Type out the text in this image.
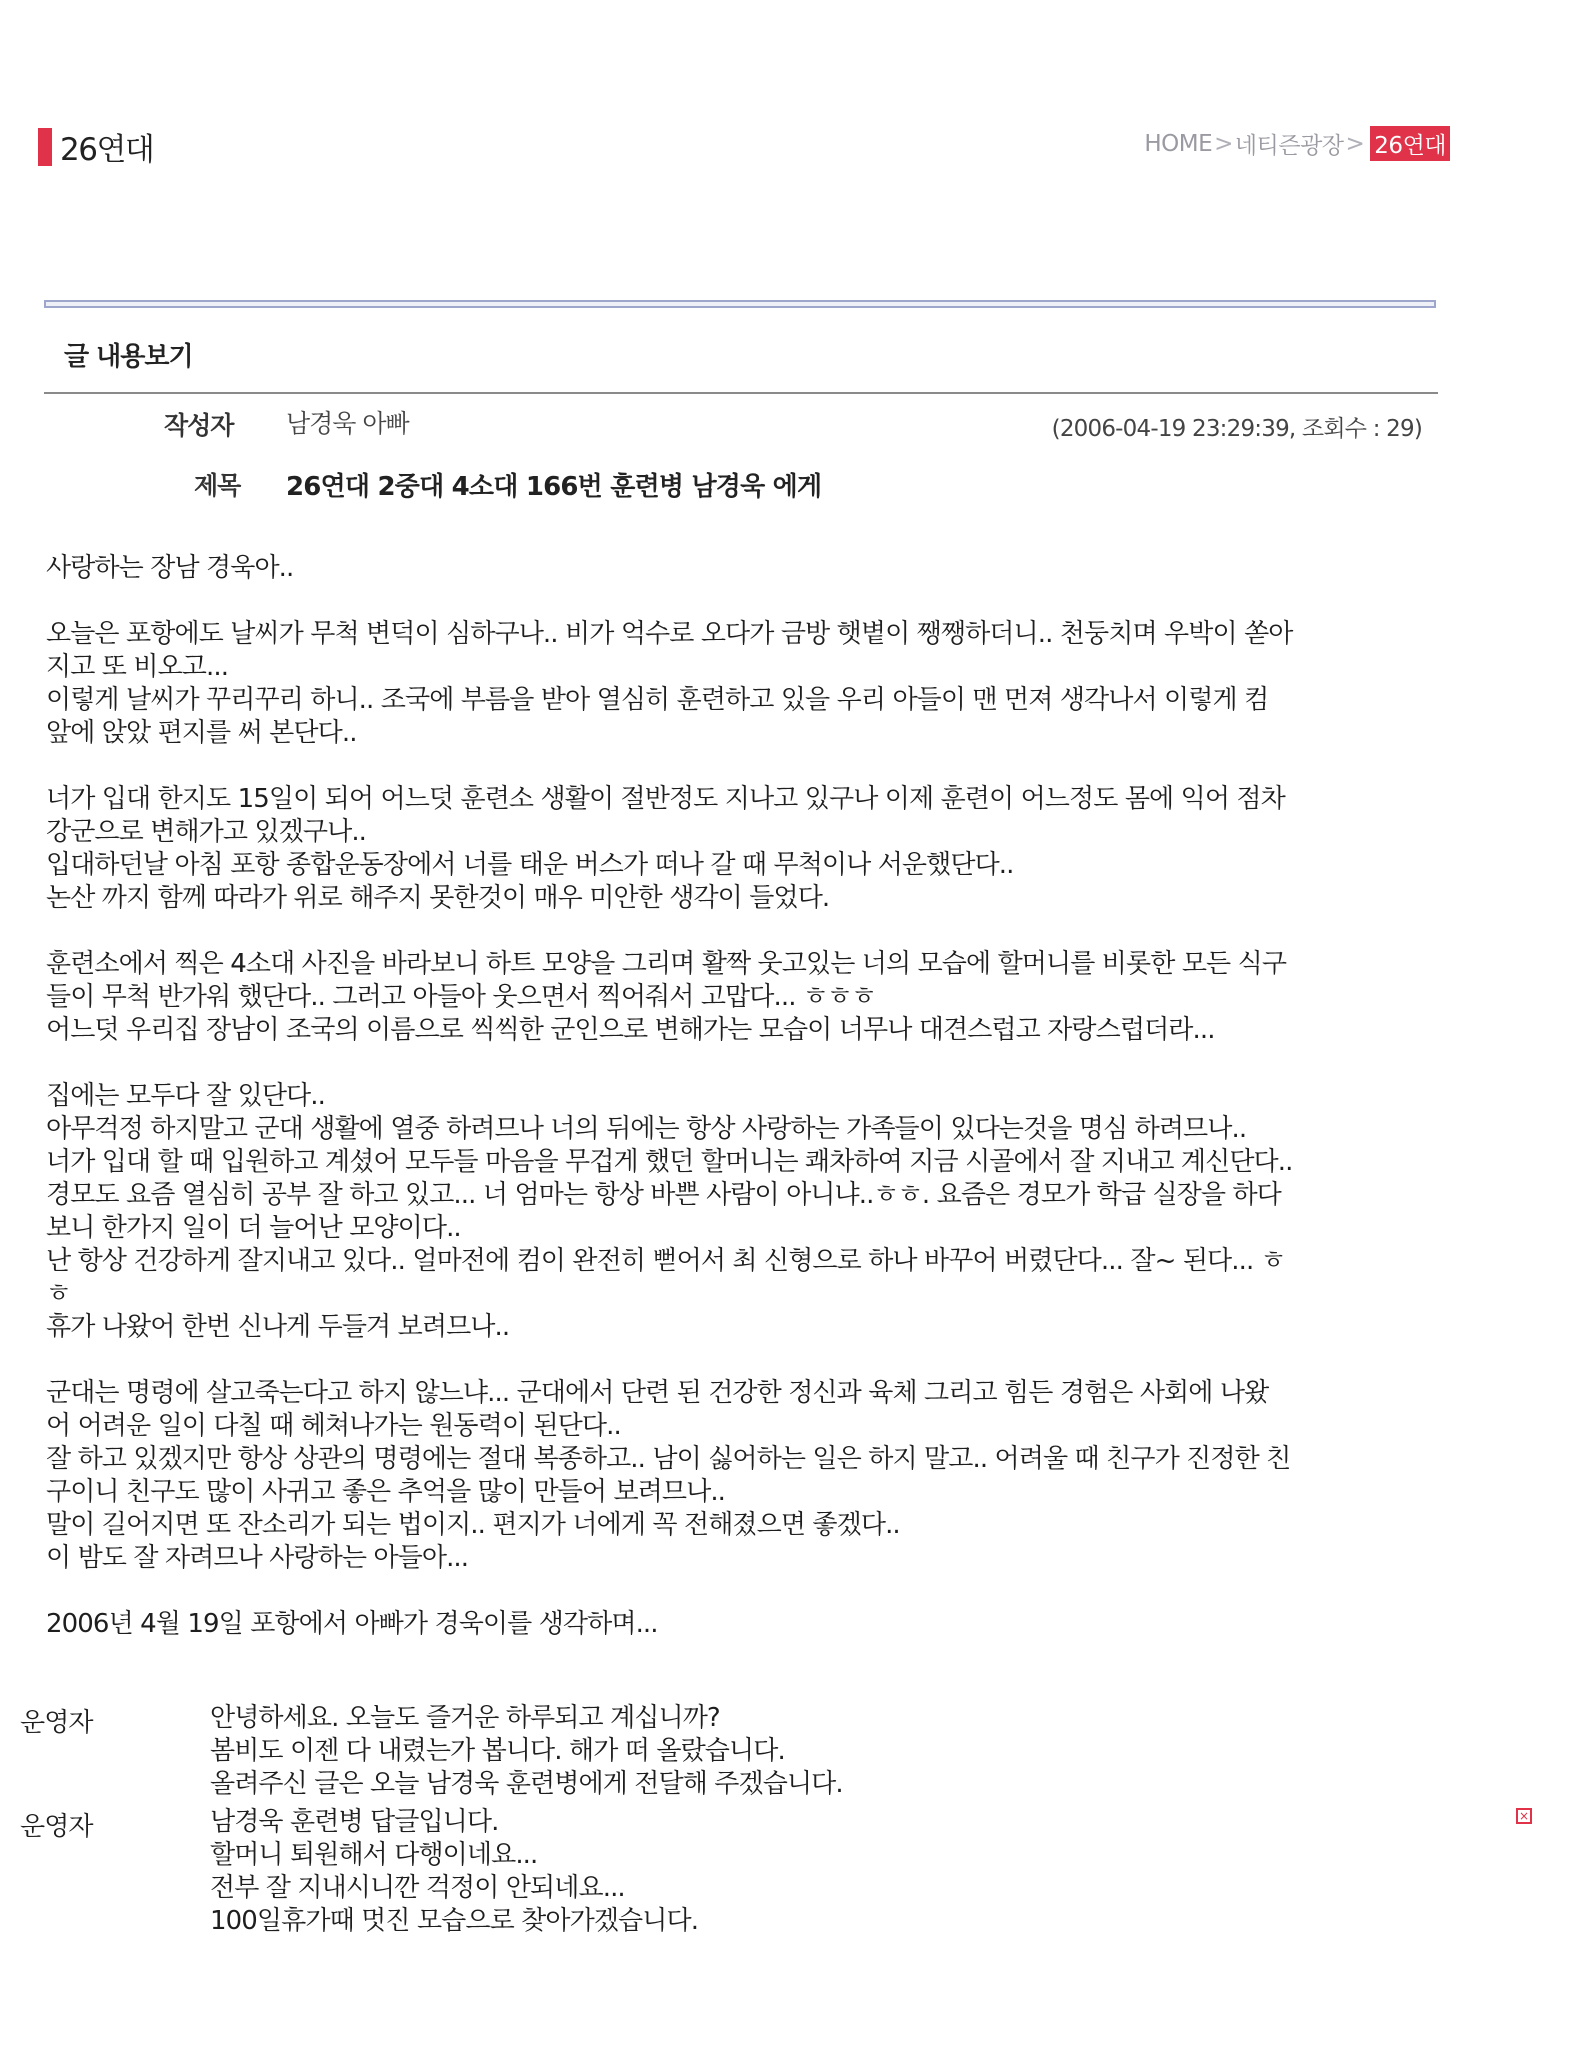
26연대	HOME > 네티즌광장 > 26연대
글 내용보기
작성자 남경욱 아빠	(2006-04-19 23:29:39, 조회수 : 29)
제목 26연대 2중대 4소대 166번 훈련병 남경욱 에게
사랑하는 장남 경욱아..
오늘은 포항에도 날씨가 무척 변덕이 심하구나.. 비가 억수로 오다가 금방 햇볕이 쨍쨍하더니.. 천둥치며 우박이 쏟아
지고 또 비오고...
이렇게 날씨가 꾸리꾸리 하니.. 조국에 부름을 받아 열심히 훈련하고 있을 우리 아들이 맨 먼져 생각나서 이렇게 컴
앞에 앉았 편지를 써 본단다..
너가 입대 한지도 15일이 되어 어느덧 훈련소 생활이 절반정도 지나고 있구나 이제 훈련이 어느정도 몸에 익어 점차
강군으로 변해가고 있겠구나..
입대하던날 아침 포항 종합운동장에서 너를 태운 버스가 떠나 갈 때 무척이나 서운했단다..
논산 까지 함께 따라가 위로 해주지 못한것이 매우 미안한 생각이 들었다.
훈련소에서 찍은 4소대 사진을 바라보니 하트 모양을 그리며 활짝 웃고있는 너의 모습에 할머니를 비롯한 모든 식구
들이 무척 반가워 했단다.. 그러고 아들아 웃으면서 찍어줘서 고맙다... ㅎㅎㅎ
어느덧 우리집 장남이 조국의 이름으로 씩씩한 군인으로 변해가는 모습이 너무나 대견스럽고 자랑스럽더라...
집에는 모두다 잘 있단다..
아무걱정 하지말고 군대 생활에 열중 하려므나 너의 뒤에는 항상 사랑하는 가족들이 있다는것을 명심 하려므나..
너가 입대 할 때 입원하고 계셨어 모두들 마음을 무겁게 했던 할머니는 쾌차하여 지금 시골에서 잘 지내고 계신단다..
경모도 요즘 열심히 공부 잘 하고 있고... 너 엄마는 항상 바쁜 사람이 아니냐..ㅎㅎ. 요즘은 경모가 학급 실장을 하다
보니 한가지 일이 더 늘어난 모양이다..
난 항상 건강하게 잘지내고 있다.. 얼마전에 컴이 완전히 뻗어서 최 신형으로 하나 바꾸어 버렸단다... 잘~ 된다... ㅎ
ㅎ
휴가 나왔어 한번 신나게 두들겨 보려므나..
군대는 명령에 살고죽는다고 하지 않느냐... 군대에서 단련 된 건강한 정신과 육체 그리고 힘든 경험은 사회에 나왔
어 어려운 일이 다칠 때 헤쳐나가는 원동력이 된단다..
잘 하고 있겠지만 항상 상관의 명령에는 절대 복종하고.. 남이 싫어하는 일은 하지 말고.. 어려울 때 친구가 진정한 친
구이니 친구도 많이 사귀고 좋은 추억을 많이 만들어 보려므나..
말이 길어지면 또 잔소리가 되는 법이지.. 편지가 너에게 꼭 전해졌으면 좋겠다..
이 밤도 잘 자려므나 사랑하는 아들아...
2006년 4월 19일 포항에서 아빠가 경욱이를 생각하며...
운영자	안녕하세요. 오늘도 즐거운 하루되고 계십니까?
봄비도 이젠 다 내렸는가 봅니다. 해가 떠 올랐습니다.
올려주신 글은 오늘 남경욱 훈련병에게 전달해 주겠습니다.
운영자	남경욱 훈련병 답글입니다.
할머니 퇴원해서 다행이네요...
전부 잘 지내시니깐 걱정이 안되네요...
100일휴가때 멋진 모습으로 찾아가겠습니다.
×
